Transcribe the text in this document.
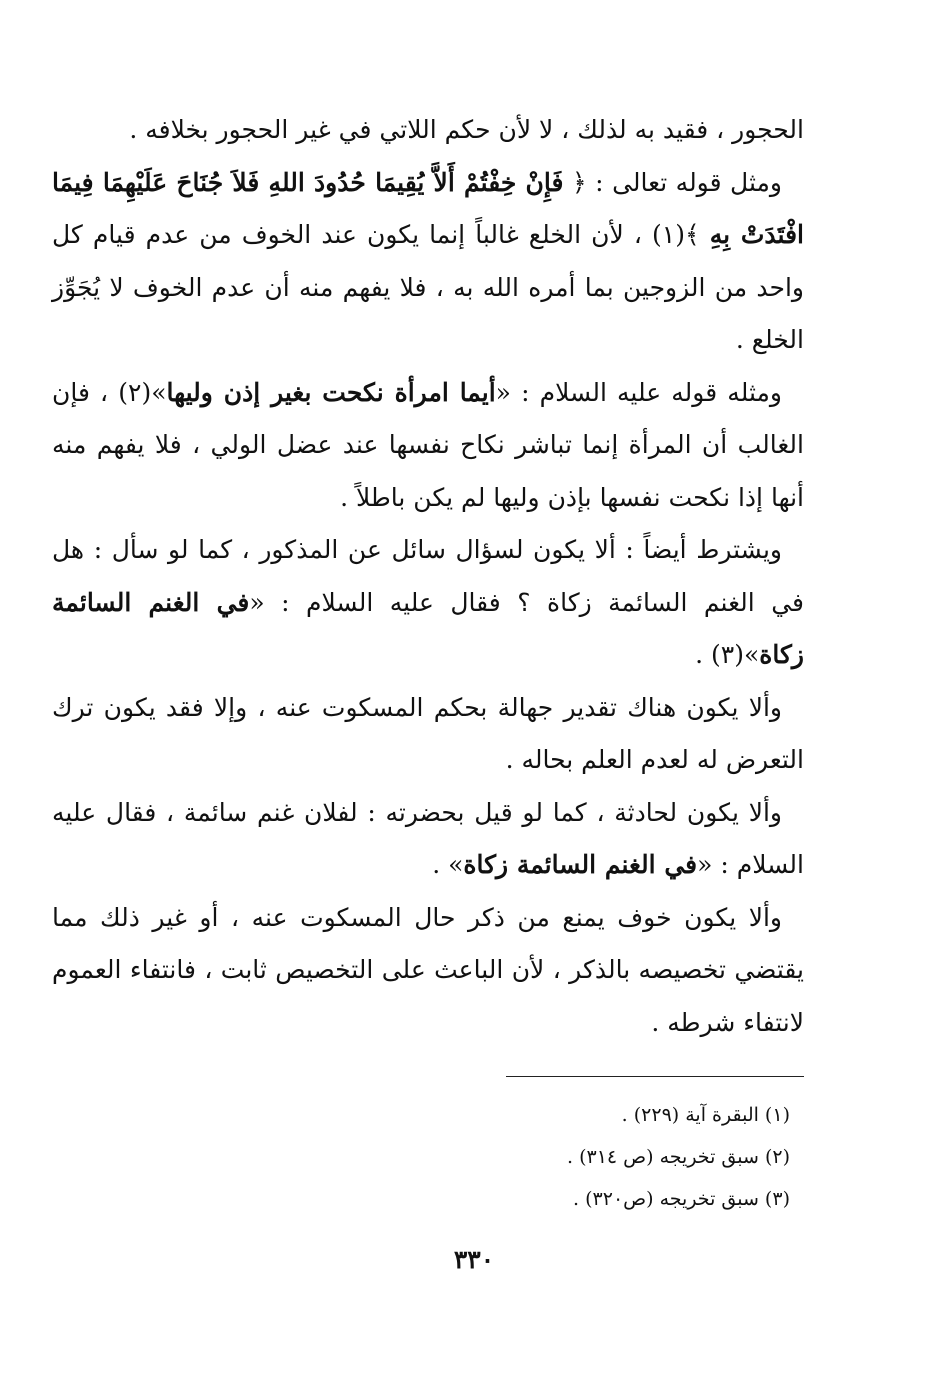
الحجور ، فقيد به لذلك ، لا لأن حكم اللاتي في غير الحجور بخلافه .

ومثل قوله تعالى : ﴿ فَإِنْ خِفْتُمْ أَلاَّ يُقِيمَا حُدُودَ اللهِ فَلاَ جُنَاحَ عَلَيْهِمَا فِيمَا افْتَدَتْ بِهِ ﴾(١) ، لأن الخلع غالباً إنما يكون عند الخوف من عدم قيام كل واحد من الزوجين بما أمره الله به ، فلا يفهم منه أن عدم الخوف لا يُجَوِّز الخلع .

ومثله قوله عليه السلام : «أيما امرأة نكحت بغير إذن وليها»(٢) ، فإن الغالب أن المرأة إنما تباشر نكاح نفسها عند عضل الولي ، فلا يفهم منه أنها إذا نكحت نفسها بإذن وليها لم يكن باطلاً .

ويشترط أيضاً : ألا يكون لسؤال سائل عن المذكور ، كما لو سأل : هل في الغنم السائمة زكاة ؟ فقال عليه السلام : «في الغنم السائمة زكاة»(٣) .

وألا يكون هناك تقدير جهالة بحكم المسكوت عنه ، وإلا فقد يكون ترك التعرض له لعدم العلم بحاله .

وألا يكون لحادثة ، كما لو قيل بحضرته : لفلان غنم سائمة ، فقال عليه السلام : «في الغنم السائمة زكاة» .

وألا يكون خوف يمنع من ذكر حال المسكوت عنه ، أو غير ذلك مما يقتضي تخصيصه بالذكر ، لأن الباعث على التخصيص ثابت ، فانتفاء العموم لانتفاء شرطه .

(١) البقرة آية (٢٢٩) .
(٢) سبق تخريجه (ص ٣١٤) .
(٣) سبق تخريجه (ص٣٢٠) .
٣٣٠
